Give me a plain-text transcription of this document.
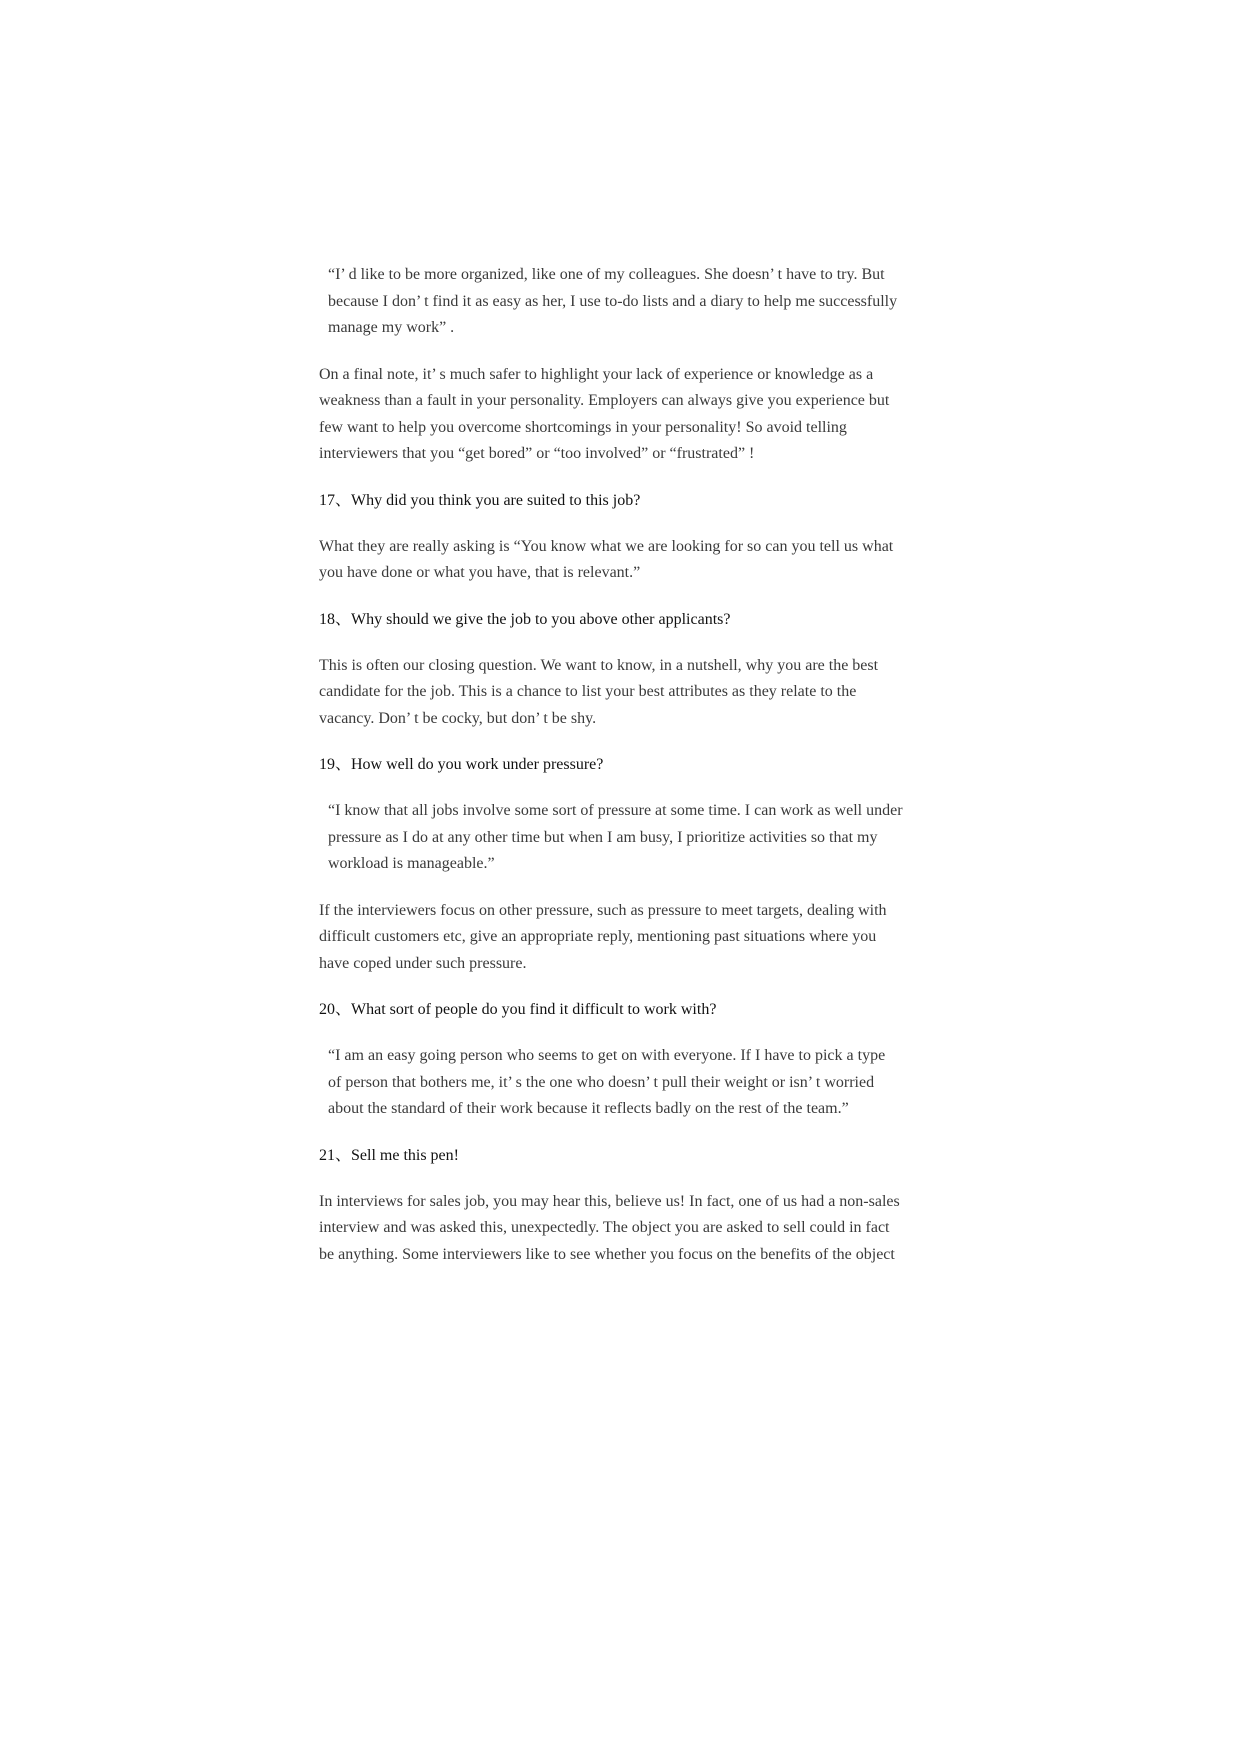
“I’ d like to be more organized, like one of my colleagues. She doesn’ t have to try. But
because I don’ t find it as easy as her, I use to-do lists and a diary to help me successfully
manage my work” .
On a final note, it’ s much safer to highlight your lack of experience or knowledge as a
weakness than a fault in your personality. Employers can always give you experience but
few want to help you overcome shortcomings in your personality! So avoid telling
interviewers that you “get bored” or “too involved” or “frustrated” !
17、Why did you think you are suited to this job?
What they are really asking is “You know what we are looking for so can you tell us what
you have done or what you have, that is relevant.”
18、Why should we give the job to you above other applicants?
This is often our closing question. We want to know, in a nutshell, why you are the best
candidate for the job. This is a chance to list your best attributes as they relate to the
vacancy. Don’ t be cocky, but don’ t be shy.
19、How well do you work under pressure?
“I know that all jobs involve some sort of pressure at some time. I can work as well under
pressure as I do at any other time but when I am busy, I prioritize activities so that my
workload is manageable.”
If the interviewers focus on other pressure, such as pressure to meet targets, dealing with
difficult customers etc, give an appropriate reply, mentioning past situations where you
have coped under such pressure.
20、What sort of people do you find it difficult to work with?
“I am an easy going person who seems to get on with everyone. If I have to pick a type
of person that bothers me, it’ s the one who doesn’ t pull their weight or isn’ t worried
about the standard of their work because it reflects badly on the rest of the team.”
21、Sell me this pen!
In interviews for sales job, you may hear this, believe us! In fact, one of us had a non-sales
interview and was asked this, unexpectedly. The object you are asked to sell could in fact
be anything. Some interviewers like to see whether you focus on the benefits of the object
